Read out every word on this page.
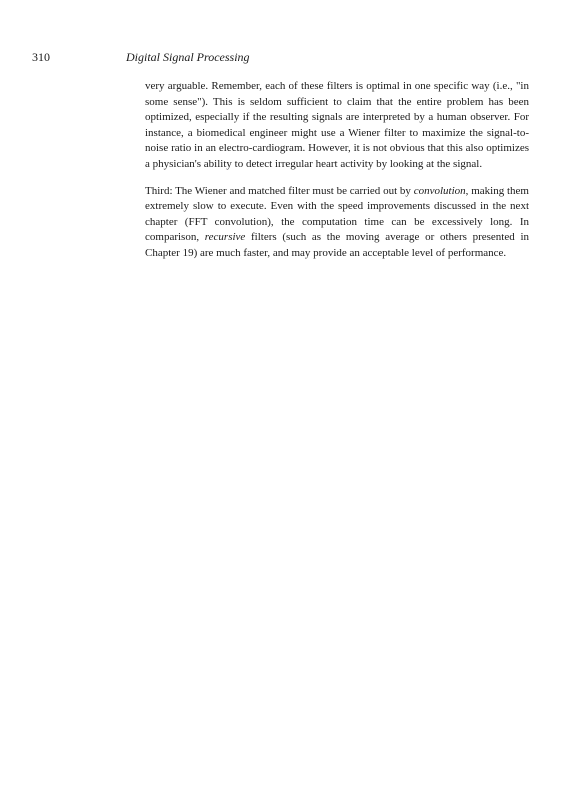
310	Digital Signal Processing

very arguable. Remember, each of these filters is optimal in one specific way (i.e., "in some sense"). This is seldom sufficient to claim that the entire problem has been optimized, especially if the resulting signals are interpreted by a human observer. For instance, a biomedical engineer might use a Wiener filter to maximize the signal-to-noise ratio in an electro-cardiogram. However, it is not obvious that this also optimizes a physician's ability to detect irregular heart activity by looking at the signal.

Third: The Wiener and matched filter must be carried out by convolution, making them extremely slow to execute. Even with the speed improvements discussed in the next chapter (FFT convolution), the computation time can be excessively long. In comparison, recursive filters (such as the moving average or others presented in Chapter 19) are much faster, and may provide an acceptable level of performance.
